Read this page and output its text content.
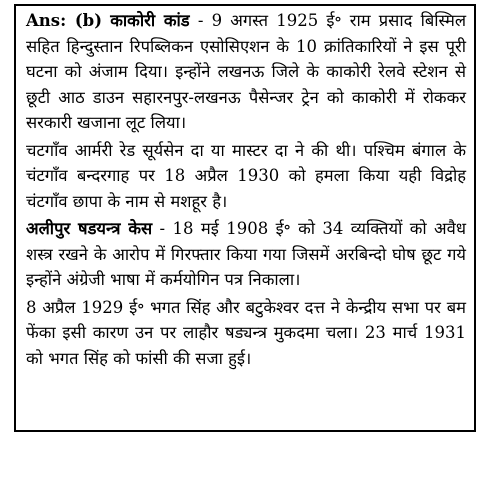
Ans: (b) काकोरी कांड - 9 अगस्त 1925 ई॰ राम प्रसाद बिस्मिल सहित हिन्दुस्तान रिपब्लिकन एसोसिएशन के 10 क्रांतिकारियों ने इस पूरी घटना को अंजाम दिया। इन्होंने लखनऊ जिले के काकोरी रेलवे स्टेशन से छूटी आठ डाउन सहारनपुर-लखनऊ पैसेन्जर ट्रेन को काकोरी में रोककर सरकारी खजाना लूट लिया।

चटगाँव आर्मरी रेड सूर्यसेन दा या मास्टर दा ने की थी। पश्चिम बंगाल के चंटगाँव बन्दरगाह पर 18 अप्रैल 1930 को हमला किया यही विद्रोह चंटगाँव छापा के नाम से मशहूर है।

अलीपुर षडयन्त्र केस - 18 मई 1908 ई॰ को 34 व्यक्तियों को अवैध शस्त्र रखने के आरोप में गिरफ्तार किया गया जिसमें अरबिन्दो घोष छूट गये इन्होंने अंग्रेजी भाषा में कर्मयोगिन पत्र निकाला।

8 अप्रैल 1929 ई॰ भगत सिंह और बटुकेश्वर दत्त ने केन्द्रीय सभा पर बम फेंका इसी कारण उन पर लाहौर षड्यन्त्र मुकदमा चला। 23 मार्च 1931 को भगत सिंह को फांसी की सजा हुई।
